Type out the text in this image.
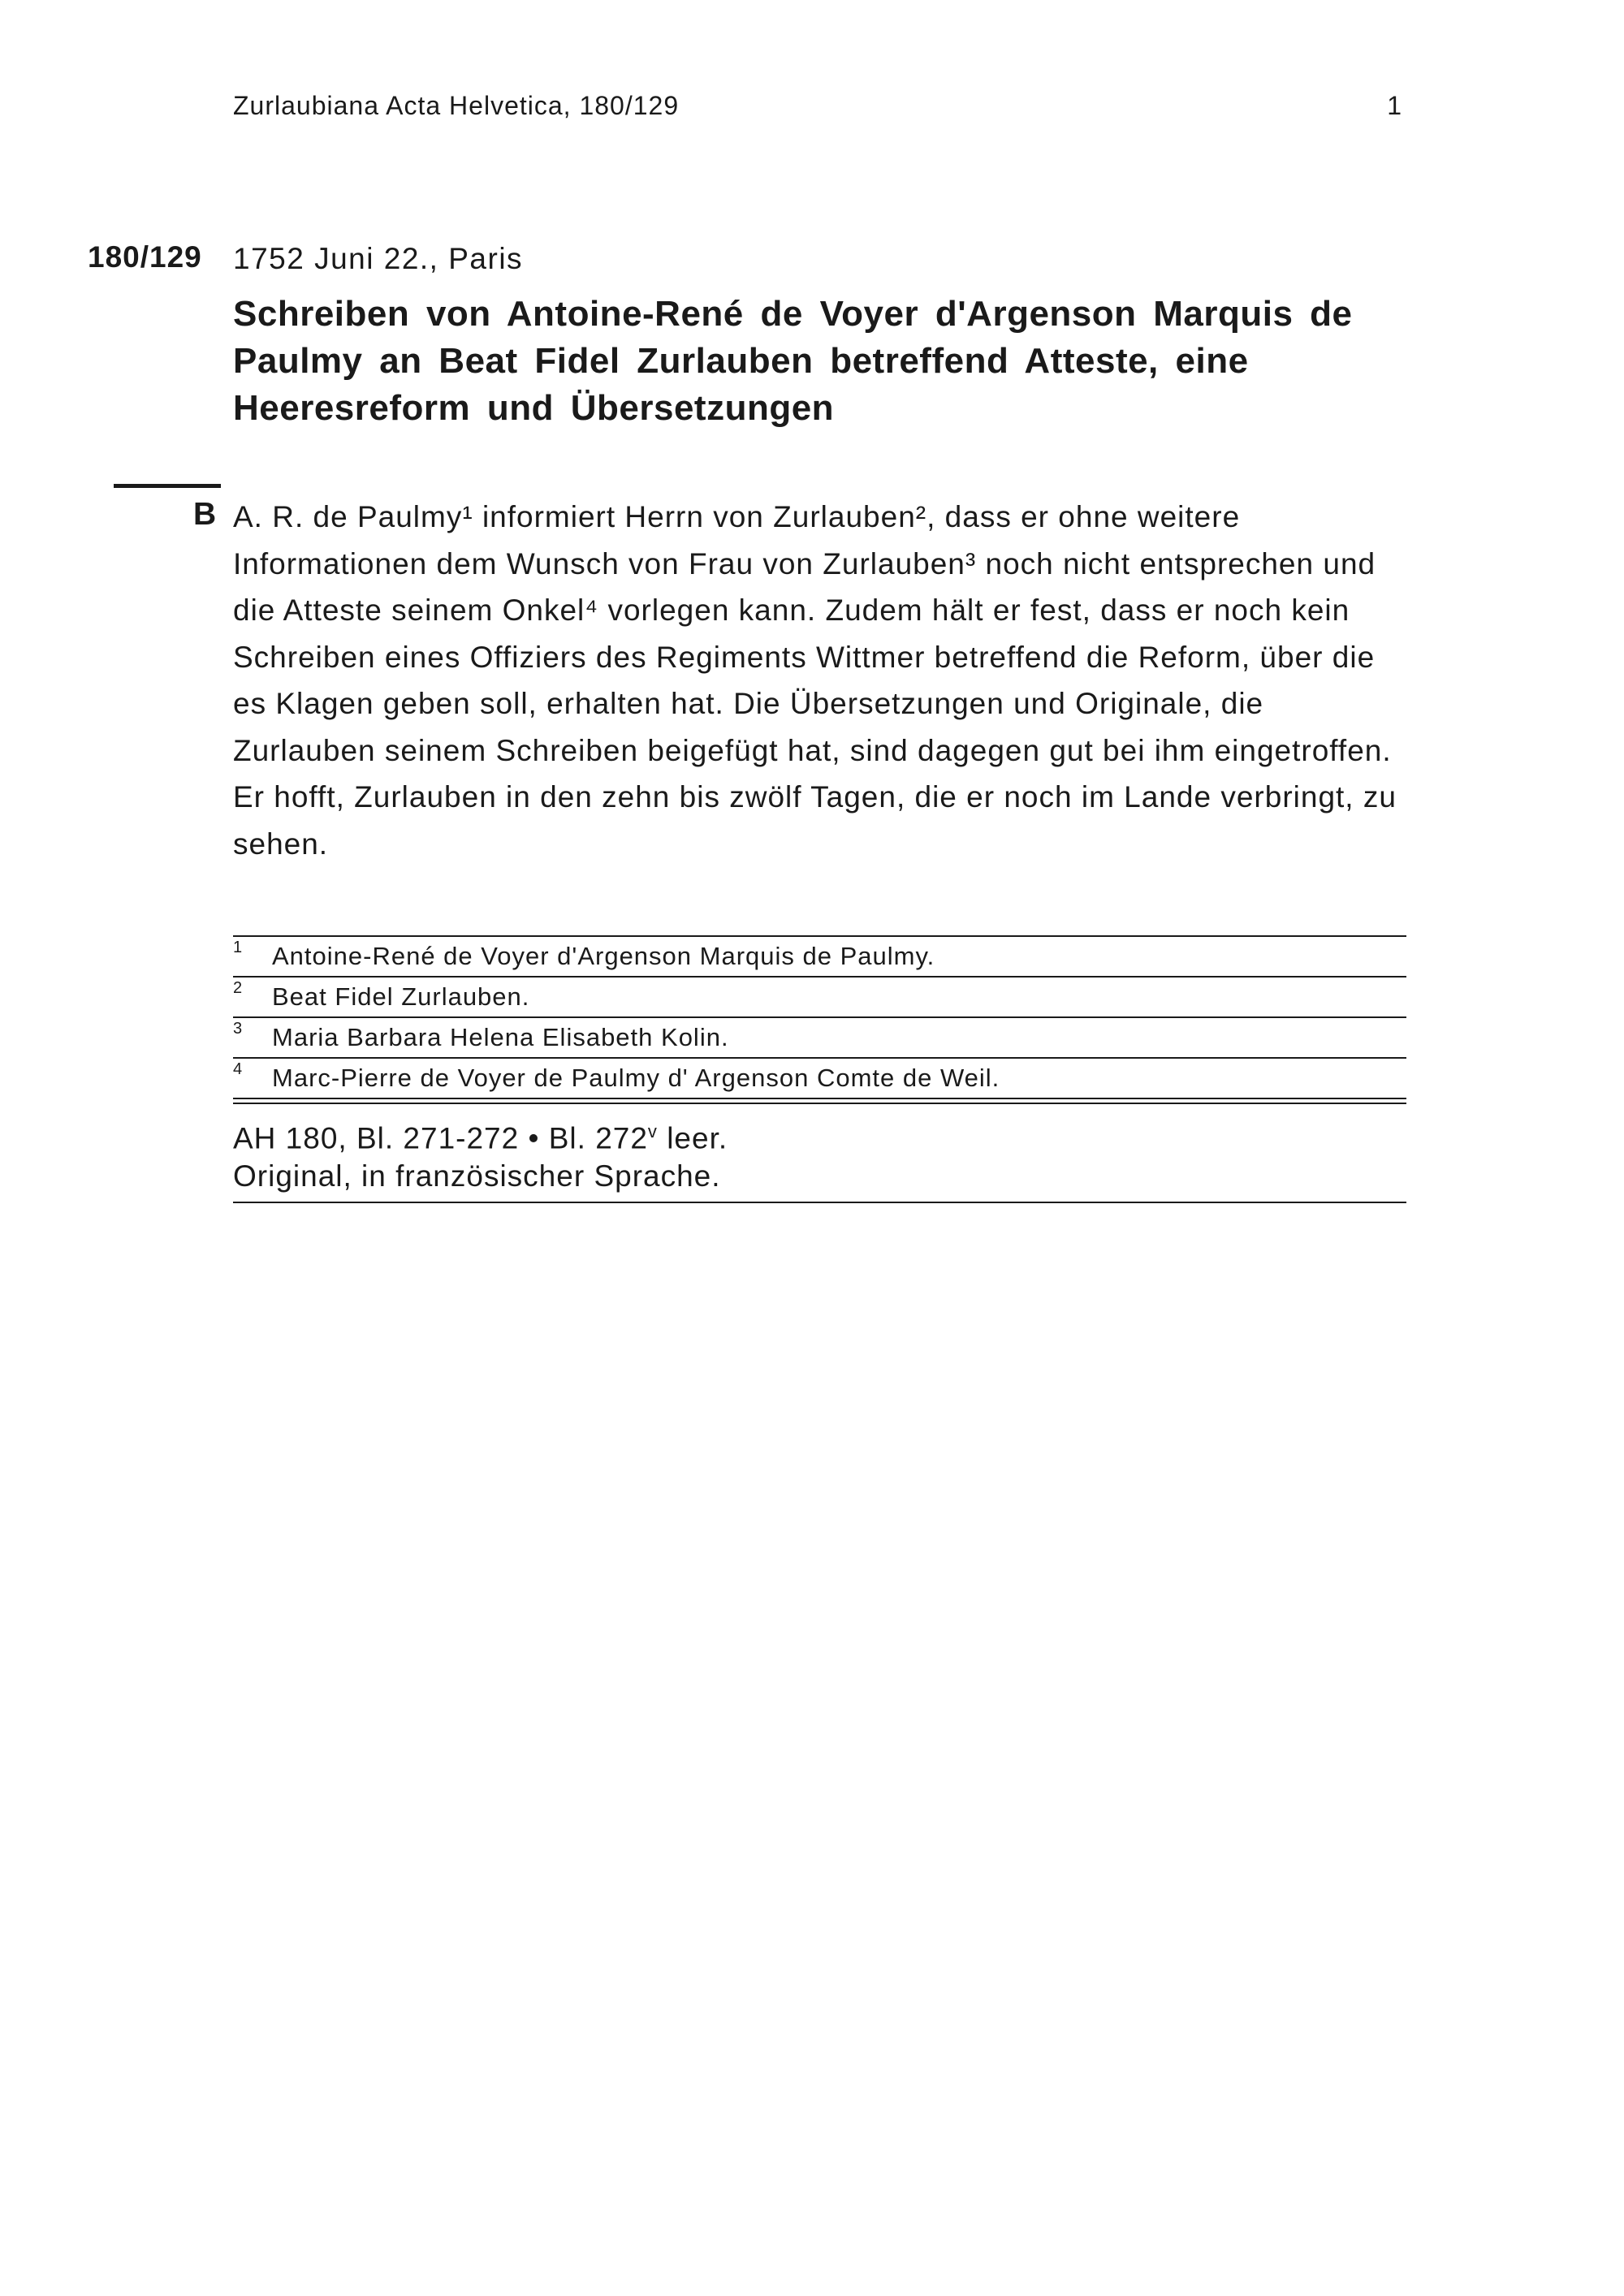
Zurlaubiana Acta Helvetica, 180/129	1
180/129 1752 Juni 22., Paris
Schreiben von Antoine-René de Voyer d'Argenson Marquis de Paulmy an Beat Fidel Zurlauben betreffend Atteste, eine Heeresreform und Übersetzungen
B A. R. de Paulmy¹ informiert Herrn von Zurlauben², dass er ohne weitere Informationen dem Wunsch von Frau von Zurlauben³ noch nicht entsprechen und die Atteste seinem Onkel⁴ vorlegen kann. Zudem hält er fest, dass er noch kein Schreiben eines Offiziers des Regiments Wittmer betreffend die Reform, über die es Klagen geben soll, erhalten hat. Die Übersetzungen und Originale, die Zurlauben seinem Schreiben beigefügt hat, sind dagegen gut bei ihm eingetroffen. Er hofft, Zurlauben in den zehn bis zwölf Tagen, die er noch im Lande verbringt, zu sehen.

1 Antoine-René de Voyer d'Argenson Marquis de Paulmy.
2 Beat Fidel Zurlauben.
3 Maria Barbara Helena Elisabeth Kolin.
4 Marc-Pierre de Voyer de Paulmy d' Argenson Comte de Weil.
AH 180, Bl. 271-272 • Bl. 272$^v$ leer.
Original, in französischer Sprache.
